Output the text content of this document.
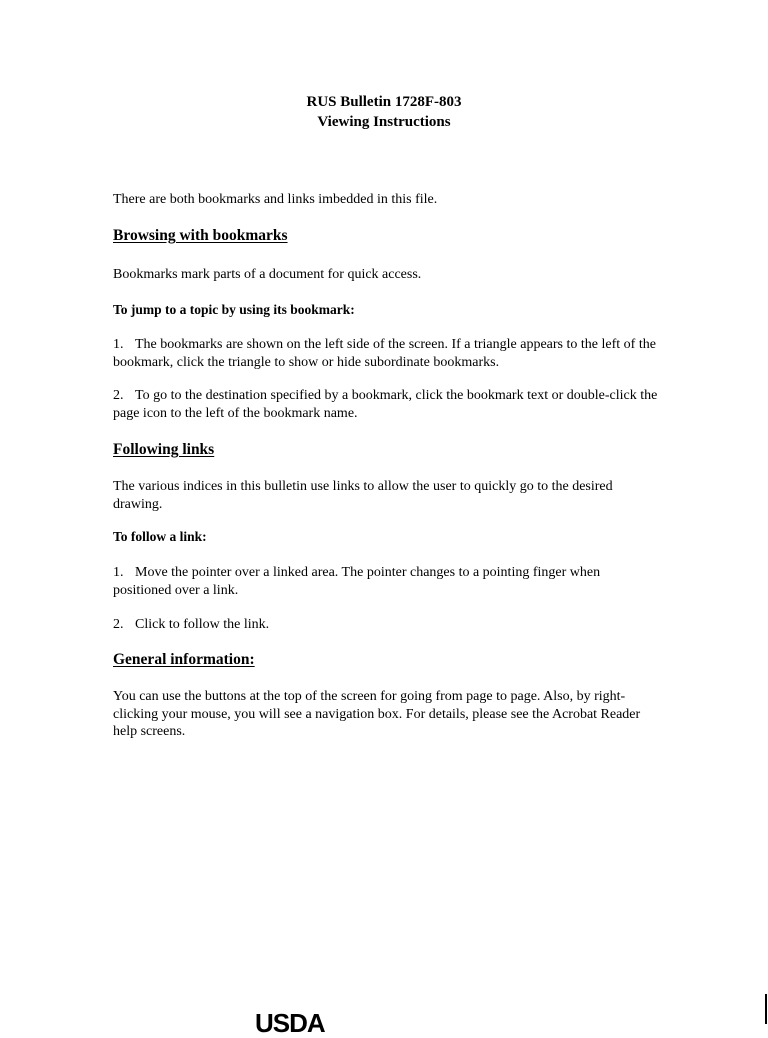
RUS Bulletin 1728F-803
Viewing Instructions

There are both bookmarks and links imbedded in this file.

Browsing with bookmarks

Bookmarks mark parts of a document for quick access.

To jump to a topic by using its bookmark:

1. The bookmarks are shown on the left side of the screen. If a triangle appears to the left of the bookmark, click the triangle to show or hide subordinate bookmarks.

2. To go to the destination specified by a bookmark, click the bookmark text or double-click the page icon to the left of the bookmark name.

Following links

The various indices in this bulletin use links to allow the user to quickly go to the desired drawing.

To follow a link:

1. Move the pointer over a linked area. The pointer changes to a pointing finger when positioned over a link.

2. Click to follow the link.

General information:

You can use the buttons at the top of the screen for going from page to page. Also, by right-clicking your mouse, you will see a navigation box. For details, please see the Acrobat Reader help screens.

USDA
